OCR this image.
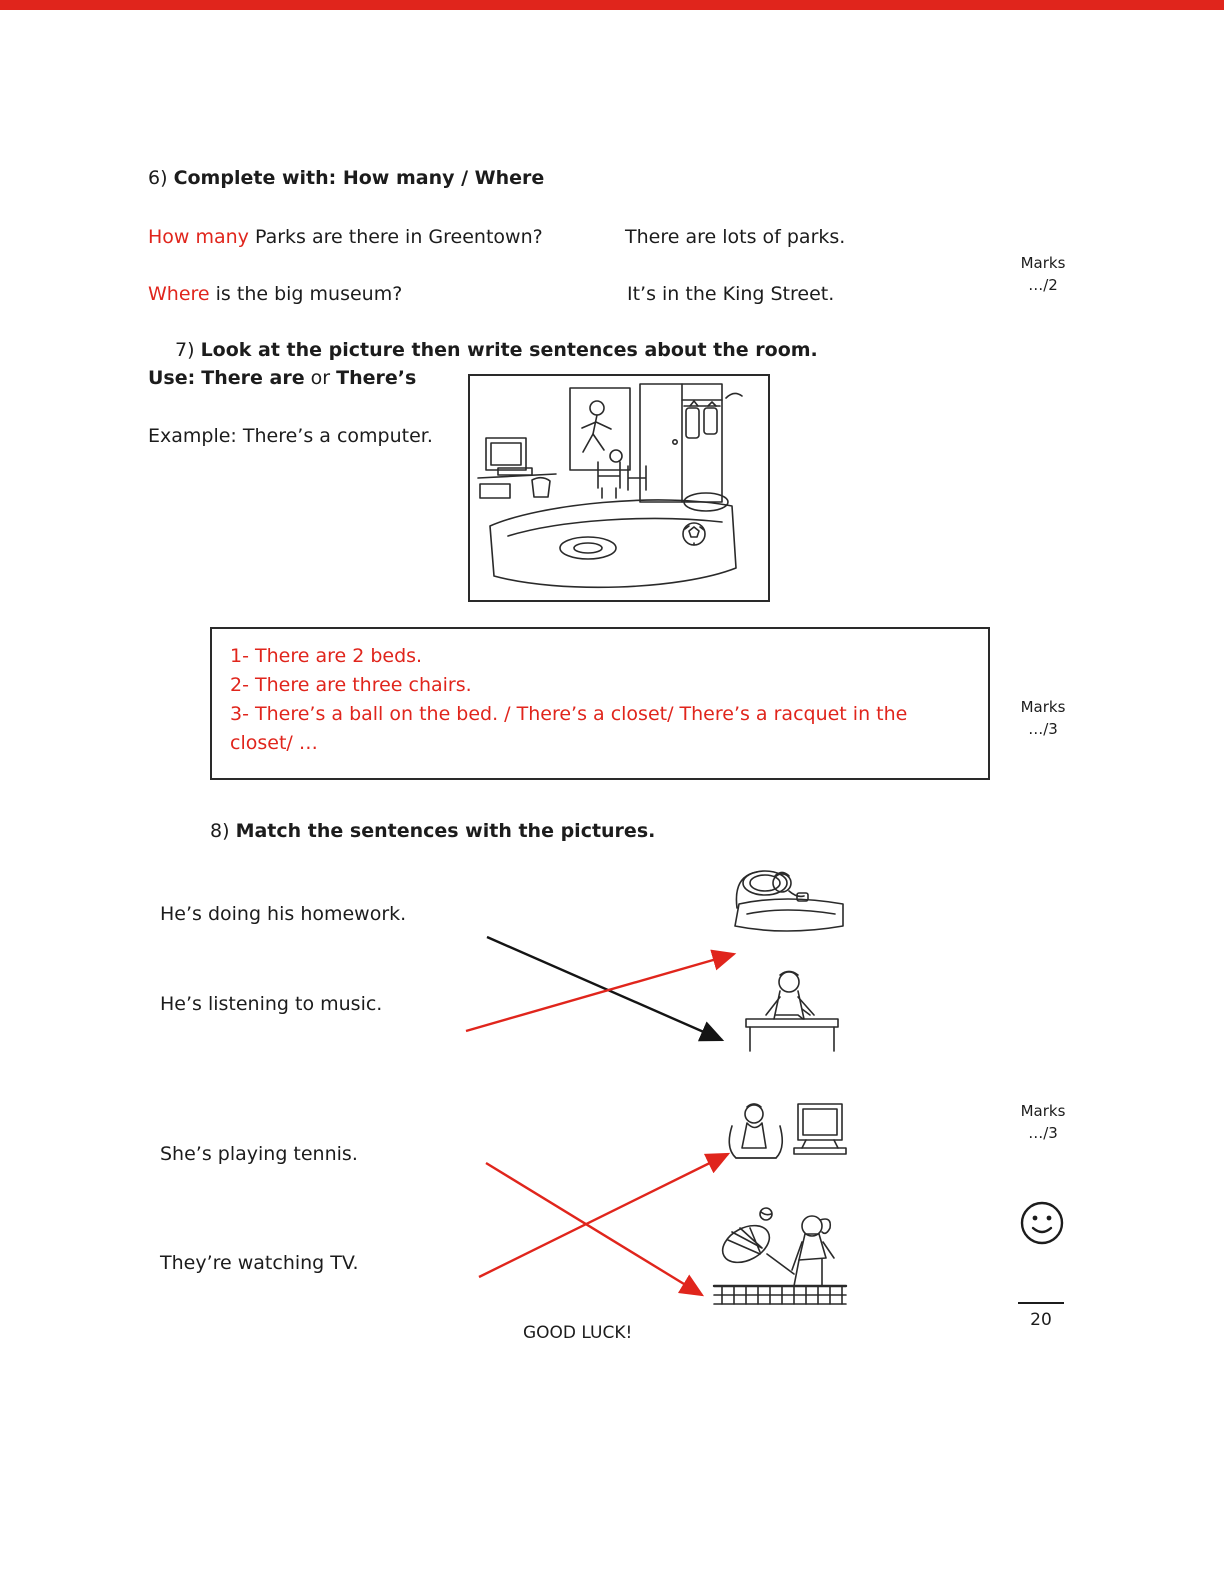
6) Complete with: How many / Where
How many Parks are there in Greentown?	There are lots of parks.
Where is the big museum?	It’s in the King Street.
Marks
…/2
7) Look at the picture then write sentences about the room.
Use: There are or There’s
Example: There’s a computer.
1- There are 2 beds.
2- There are three chairs.
3- There’s a ball on the bed. / There’s a closet/ There’s a racquet in the closet/ …
Marks
…/3
8) Match the sentences with the pictures.
He’s doing his homework.
He’s listening to music.
She’s playing tennis.
They’re watching TV.
Marks
…/3
GOOD LUCK!
20
